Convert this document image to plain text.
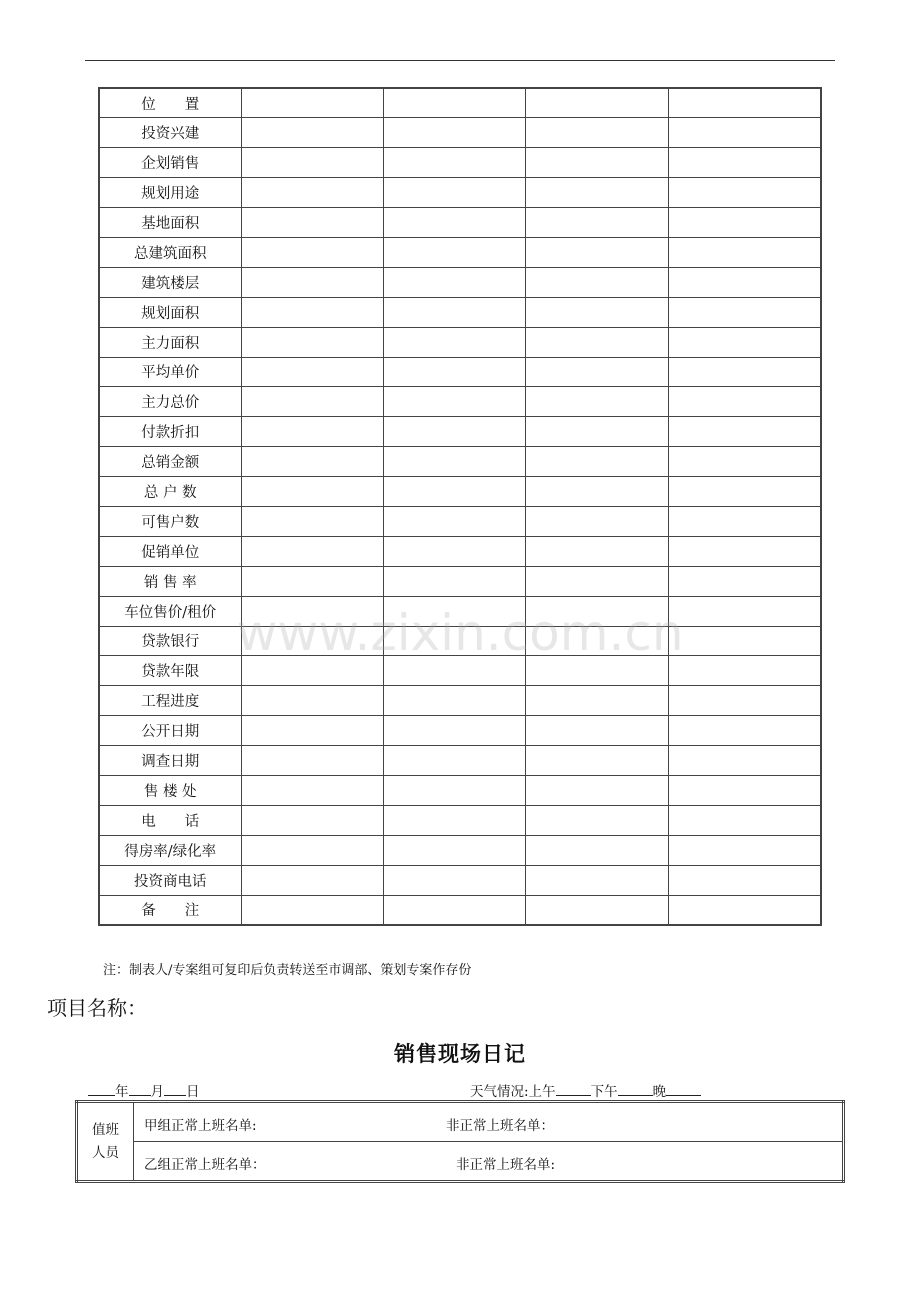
位　　置				
投资兴建				
企划销售				
规划用途				
基地面积				
总建筑面积				
建筑楼层				
规划面积				
主力面积				
平均单价				
主力总价				
付款折扣				
总销金额				
总 户 数				
可售户数				
促销单位				
销 售 率				
车位售价/租价				
贷款银行				
贷款年限				
工程进度				
公开日期				
调查日期				
售 楼 处				
电　　话				
得房率/绿化率				
投资商电话				
备　　注				
注：制表人/专案组可复印后负责转送至市调部、策划专案作存份
项目名称：
销售现场日记
年 月 日	天气情况:上午	下午	晚
值班
人员

甲组正常上班名单:	非正常上班名单：

乙组正常上班名单：	非正常上班名单:
www.zixin.com.cn
